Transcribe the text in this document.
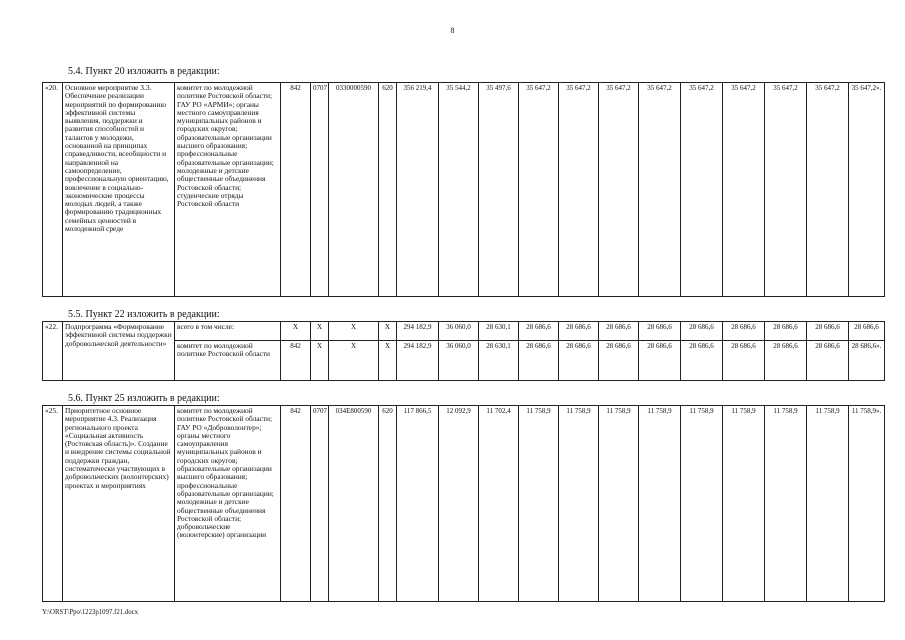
8
5.4. Пункт 20 изложить в редакции:
«20.	Основное мероприятие 3.3. Обеспечение реализации мероприятий по формированию эффективной системы выявления, поддержки и развития способностей и талантов у молодежи, основанной на принципах справедливости, всеобщности и направленной на самоопределение, профессиональную ориентацию, вовлечение в социально-экономические процессы молодых людей, а также формированию традиционных семейных ценностей в молодежной среде	комитет по молодежной политике Ростовской области; ГАУ РО «АРМИ»; органы местного самоуправления муниципальных районов и городских округов; образовательные организации высшего образования; профессиональные образовательные организации; молодежные и детские общественные объединения Ростовской области; студенческие отряды Ростовской области	842	0707	0330000590	620	356 219,4	35 544,2	35 497,6	35 647,2	35 647,2	35 647,2	35 647,2	35 647,2	35 647,2	35 647,2	35 647,2	35 647,2».
5.5. Пункт 22 изложить в редакции:
«22.	Подпрограмма «Формирование эффективной системы поддержки добровольческой деятельности»	всего в том числе:	X	X	X	X	294 182,9	36 060,0	28 630,1	28 686,6	28 686,6	28 686,6	28 686,6	28 686,6	28 686,6	28 686,6	28 686,6	28 686,6
		комитет по молодежной политике Ростовской области	842	X	X	X	294 182,9	36 060,0	28 630,1	28 686,6	28 686,6	28 686,6	28 686,6	28 686,6	28 686,6	28 686,6	28 686,6	28 686,6».
5.6. Пункт 25 изложить в редакции:
«25.	Приоритетное основное мероприятие 4.3. Реализация регионального проекта «Социальная активность (Ростовская область)». Создание и внедрение системы социальной поддержки граждан, систематически участвующих в добровольческих (волонтерских) проектах и мероприятиях	комитет по молодежной политике Ростовской области; ГАУ РО «Доброволонтер»; органы местного самоуправления муниципальных районов и городских округов; образовательные организации высшего образования; профессиональные образовательные организации; молодежные и детские общественные объединения Ростовской области; добровольческие (волонтерские) организации	842	0707	034E800590	620	117 866,5	12 092,9	11 702,4	11 758,9	11 758,9	11 758,9	11 758,9	11 758,9	11 758,9	11 758,9	11 758,9	11 758,9».
Y:\ORST\Ppo\1223p1097.f21.docx
